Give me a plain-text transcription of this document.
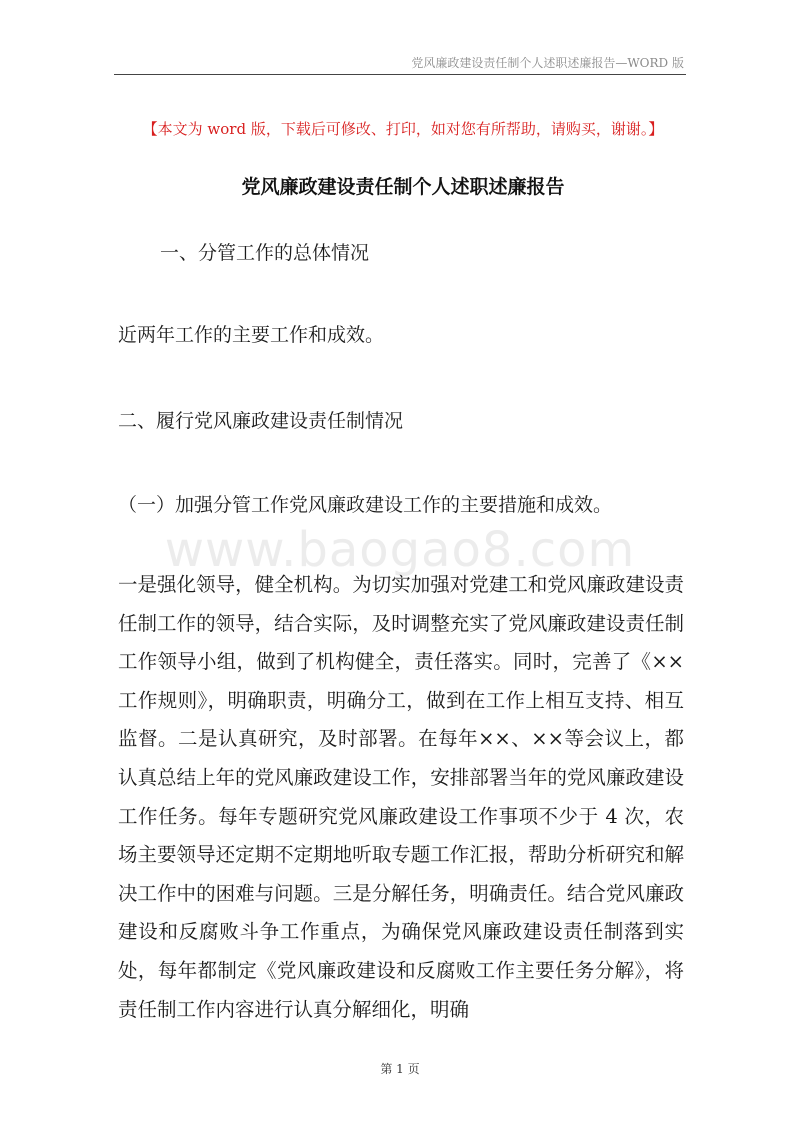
党风廉政建设责任制个人述职述廉报告—WORD 版
【本文为 word 版，下载后可修改、打印，如对您有所帮助，请购买，谢谢。】
党风廉政建设责任制个人述职述廉报告
一、分管工作的总体情况
近两年工作的主要工作和成效。
二、履行党风廉政建设责任制情况
（一）加强分管工作党风廉政建设工作的主要措施和成效。
www.baogao8.com

一是强化领导，健全机构。为切实加强对党建工和党风廉政建设责任制工作的领导，结合实际，及时调整充实了党风廉政建设责任制工作领导小组，做到了机构健全，责任落实。同时，完善了《××工作规则》，明确职责，明确分工，做到在工作上相互支持、相互监督。二是认真研究，及时部署。在每年××、××等会议上，都认真总结上年的党风廉政建设工作，安排部署当年的党风廉政建设工作任务。每年专题研究党风廉政建设工作事项不少于 4 次，农场主要领导还定期不定期地听取专题工作汇报，帮助分析研究和解决工作中的困难与问题。三是分解任务，明确责任。结合党风廉政建设和反腐败斗争工作重点，为确保党风廉政建设责任制落到实处，每年都制定《党风廉政建设和反腐败工作主要任务分解》，将责任制工作内容进行认真分解细化，明确

第 1 页
